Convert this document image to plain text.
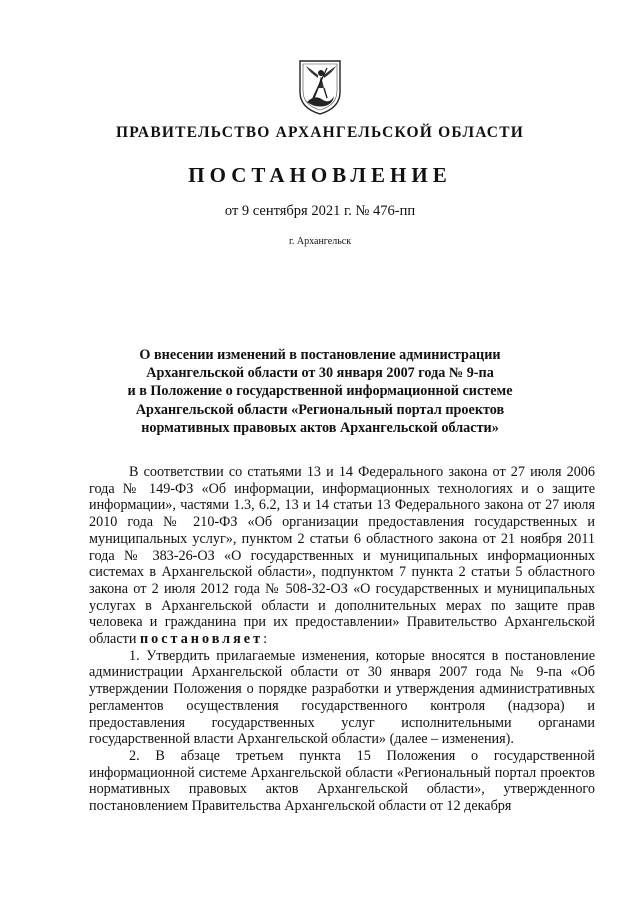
ПРАВИТЕЛЬСТВО АРХАНГЕЛЬСКОЙ ОБЛАСТИ
ПОСТАНОВЛЕНИЕ
от 9 сентября 2021 г. № 476-пп
г. Архангельск
О внесении изменений в постановление администрации
Архангельской области от 30 января 2007 года № 9-па
и в Положение о государственной информационной системе
Архангельской области «Региональный портал проектов
нормативных правовых актов Архангельской области»

В соответствии со статьями 13 и 14 Федерального закона от 27 июля 2006 года № 149-ФЗ «Об информации, информационных технологиях и о защите информации», частями 1.3, 6.2, 13 и 14 статьи 13 Федерального закона от 27 июля 2010 года № 210-ФЗ «Об организации предоставления государственных и муниципальных услуг», пунктом 2 статьи 6 областного закона от 21 ноября 2011 года № 383-26-ОЗ «О государственных и муниципальных информационных системах в Архангельской области», подпунктом 7 пункта 2 статьи 5 областного закона от 2 июля 2012 года № 508-32-ОЗ «О государственных и муниципальных услугах в Архангельской области и дополнительных мерах по защите прав человека и гражданина при их предоставлении» Правительство Архангельской области постановляет:

1. Утвердить прилагаемые изменения, которые вносятся в постановление администрации Архангельской области от 30 января 2007 года № 9-па «Об утверждении Положения о порядке разработки и утверждения административных регламентов осуществления государственного контроля (надзора) и предоставления государственных услуг исполнительными органами государственной власти Архангельской области» (далее – изменения).

2. В абзаце третьем пункта 15 Положения о государственной информационной системе Архангельской области «Региональный портал проектов нормативных правовых актов Архангельской области», утвержденного постановлением Правительства Архангельской области от 12 декабря
